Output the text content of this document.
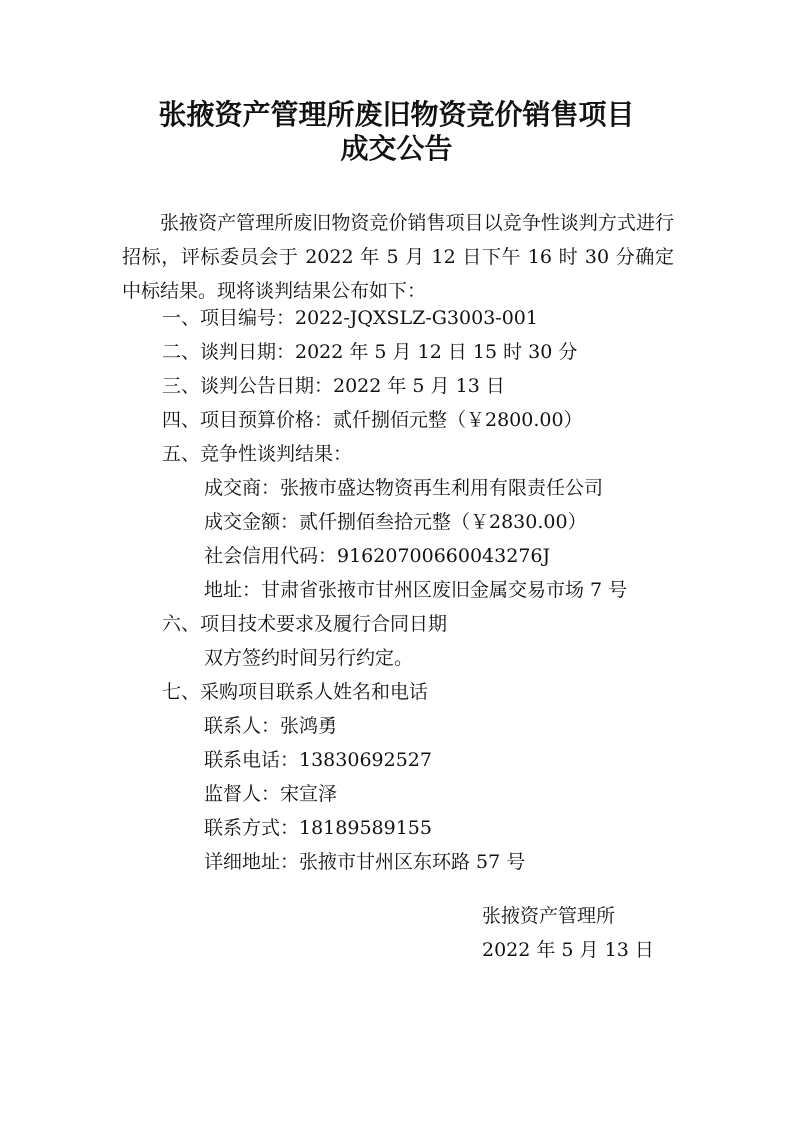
张掖资产管理所废旧物资竞价销售项目
成交公告

张掖资产管理所废旧物资竞价销售项目以竞争性谈判方式进行招标，评标委员会于 2022 年 5 月 12 日下午 16 时 30 分确定中标结果。现将谈判结果公布如下：

一、项目编号：2022-JQXSLZ-G3003-001
二、谈判日期：2022 年 5 月 12 日 15 时 30 分
三、谈判公告日期：2022 年 5 月 13 日
四、项目预算价格：贰仟捌佰元整（￥2800.00）
五、竞争性谈判结果：
成交商：张掖市盛达物资再生利用有限责任公司
成交金额：贰仟捌佰叁拾元整（￥2830.00）
社会信用代码：91620700660043276J
地址：甘肃省张掖市甘州区废旧金属交易市场 7 号
六、项目技术要求及履行合同日期
双方签约时间另行约定。
七、采购项目联系人姓名和电话
联系人：张鸿勇
联系电话：13830692527
监督人：宋宣泽
联系方式：18189589155
详细地址：张掖市甘州区东环路 57 号
张掖资产管理所
2022 年 5 月 13 日
